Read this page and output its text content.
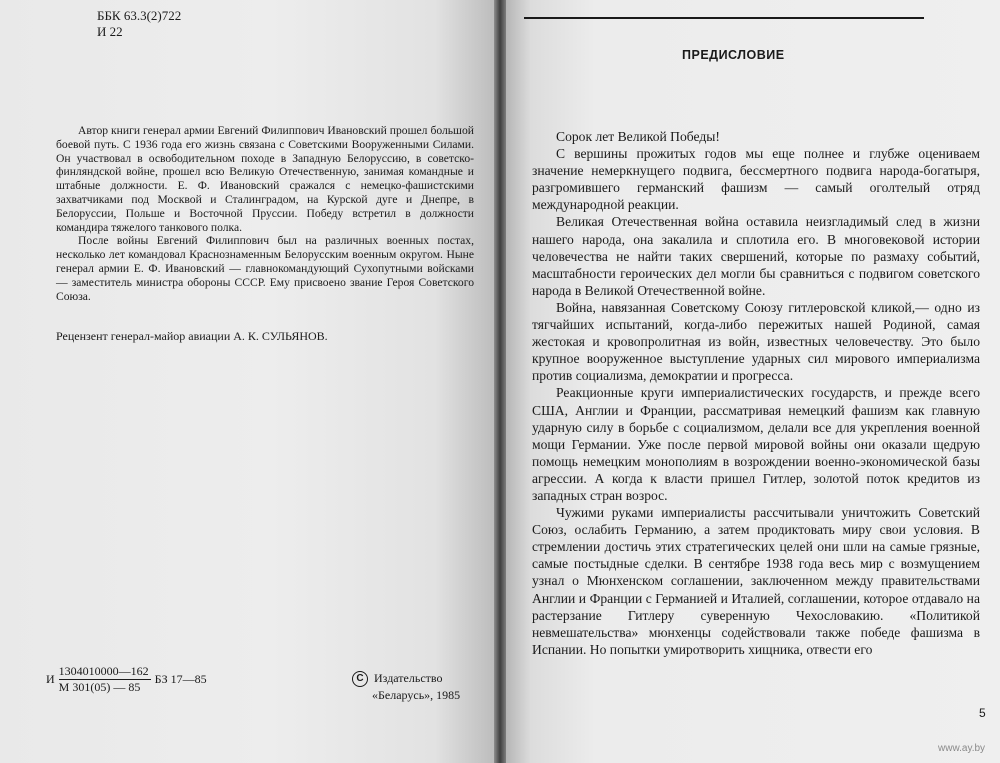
ББК 63.3(2)722
И 22

Автор книги генерал армии Евгений Филиппович Ивановский прошел большой боевой путь. С 1936 года его жизнь связана с Советскими Вооруженными Силами. Он участвовал в освободительном походе в Западную Белоруссию, в советско-финляндской войне, прошел всю Великую Отечественную, занимая командные и штабные должности. Е. Ф. Ивановский сражался с немецко-фашистскими захватчиками под Москвой и Сталинградом, на Курской дуге и Днепре, в Белоруссии, Польше и Восточной Пруссии. Победу встретил в должности командира тяжелого танкового полка.

После войны Евгений Филиппович был на различных военных постах, несколько лет командовал Краснознаменным Белорусским военным округом. Ныне генерал армии Е. Ф. Ивановский — главнокомандующий Сухопутными войсками — заместитель министра обороны СССР. Ему присвоено звание Героя Советского Союза.

Рецензент генерал-майор авиации А. К. СУЛЬЯНОВ.
И $\frac{1304010000—162}{М 301(05) — 85}$ БЗ 17—85	C Издательство
«Беларусь», 1985
ПРЕДИСЛОВИЕ

Сорок лет Великой Победы!

С вершины прожитых годов мы еще полнее и глубже оцениваем значение немеркнущего подвига, бессмертного подвига народа-богатыря, разгромившего германский фашизм — самый оголтелый отряд международной реакции.

Великая Отечественная война оставила неизгладимый след в жизни нашего народа, она закалила и сплотила его. В многовековой истории человечества не найти таких свершений, которые по размаху событий, масштабности героических дел могли бы сравниться с подвигом советского народа в Великой Отечественной войне.

Война, навязанная Советскому Союзу гитлеровской кликой,— одно из тягчайших испытаний, когда-либо пережитых нашей Родиной, самая жестокая и кровопролитная из войн, известных человечеству. Это было крупное вооруженное выступление ударных сил мирового империализма против социализма, демократии и прогресса.

Реакционные круги империалистических государств, и прежде всего США, Англии и Франции, рассматривая немецкий фашизм как главную ударную силу в борьбе с социализмом, делали все для укрепления военной мощи Германии. Уже после первой мировой войны они оказали щедрую помощь немецким монополиям в возрождении военно-экономической базы агрессии. А когда к власти пришел Гитлер, золотой поток кредитов из западных стран возрос.

Чужими руками империалисты рассчитывали уничтожить Советский Союз, ослабить Германию, а затем продиктовать миру свои условия. В стремлении достичь этих стратегических целей они шли на самые грязные, самые постыдные сделки. В сентябре 1938 года весь мир с возмущением узнал о Мюнхенском соглашении, заключенном между правительствами Англии и Франции с Германией и Италией, соглашении, которое отдавало на растерзание Гитлеру суверенную Чехословакию. «Политикой невмешательства» мюнхенцы содействовали также победе фашизма в Испании. Но попытки умиротворить хищника, отвести его

5
www.ay.by
